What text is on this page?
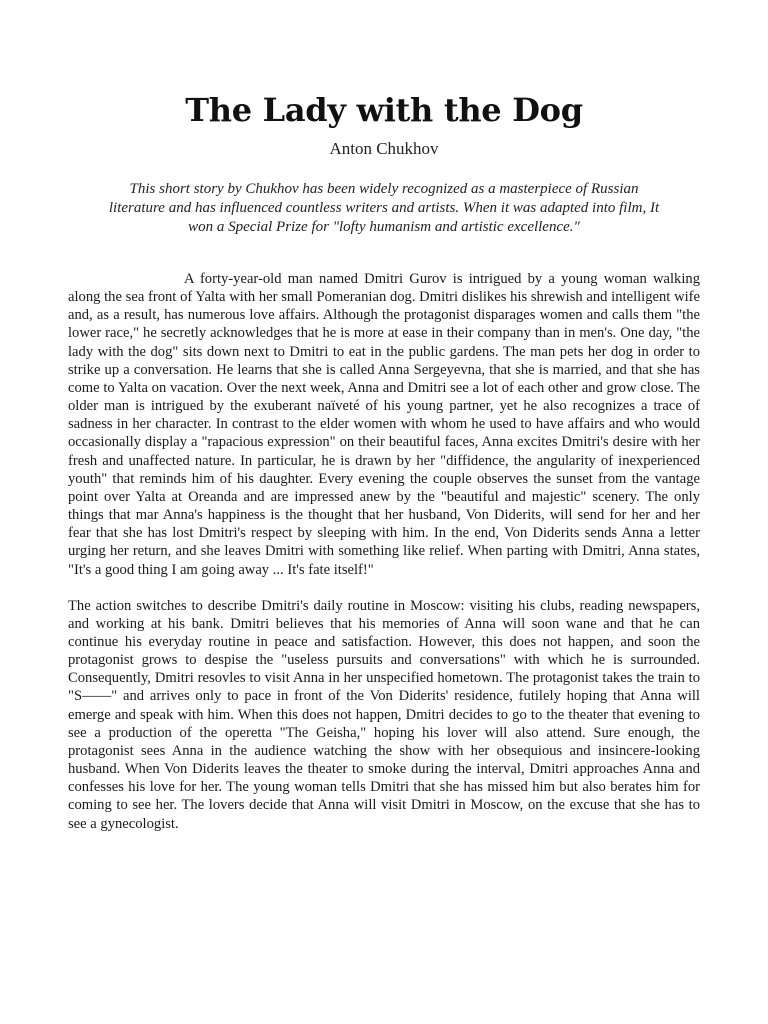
The Lady with the Dog
Anton Chukhov

This short story by Chukhov has been widely recognized as a masterpiece of Russian literature and has influenced countless writers and artists. When it was adapted into film, It won a Special Prize for "lofty humanism and artistic excellence."

A forty-year-old man named Dmitri Gurov is intrigued by a young woman walking along the sea front of Yalta with her small Pomeranian dog. Dmitri dislikes his shrewish and intelligent wife and, as a result, has numerous love affairs. Although the protagonist disparages women and calls them "the lower race," he secretly acknowledges that he is more at ease in their company than in men's. One day, "the lady with the dog" sits down next to Dmitri to eat in the public gardens. The man pets her dog in order to strike up a conversation. He learns that she is called Anna Sergeyevna, that she is married, and that she has come to Yalta on vacation. Over the next week, Anna and Dmitri see a lot of each other and grow close. The older man is intrigued by the exuberant naïveté of his young partner, yet he also recognizes a trace of sadness in her character. In contrast to the elder women with whom he used to have affairs and who would occasionally display a "rapacious expression" on their beautiful faces, Anna excites Dmitri's desire with her fresh and unaffected nature. In particular, he is drawn by her "diffidence, the angularity of inexperienced youth" that reminds him of his daughter. Every evening the couple observes the sunset from the vantage point over Yalta at Oreanda and are impressed anew by the "beautiful and majestic" scenery. The only things that mar Anna's happiness is the thought that her husband, Von Diderits, will send for her and her fear that she has lost Dmitri's respect by sleeping with him. In the end, Von Diderits sends Anna a letter urging her return, and she leaves Dmitri with something like relief. When parting with Dmitri, Anna states, "It's a good thing I am going away ... It's fate itself!"

The action switches to describe Dmitri's daily routine in Moscow: visiting his clubs, reading newspapers, and working at his bank. Dmitri believes that his memories of Anna will soon wane and that he can continue his everyday routine in peace and satisfaction. However, this does not happen, and soon the protagonist grows to despise the "useless pursuits and conversations" with which he is surrounded. Consequently, Dmitri resovles to visit Anna in her unspecified hometown. The protagonist takes the train to "S——" and arrives only to pace in front of the Von Diderits' residence, futilely hoping that Anna will emerge and speak with him. When this does not happen, Dmitri decides to go to the theater that evening to see a production of the operetta "The Geisha," hoping his lover will also attend. Sure enough, the protagonist sees Anna in the audience watching the show with her obsequious and insincere-looking husband. When Von Diderits leaves the theater to smoke during the interval, Dmitri approaches Anna and confesses his love for her. The young woman tells Dmitri that she has missed him but also berates him for coming to see her. The lovers decide that Anna will visit Dmitri in Moscow, on the excuse that she has to see a gynecologist.
